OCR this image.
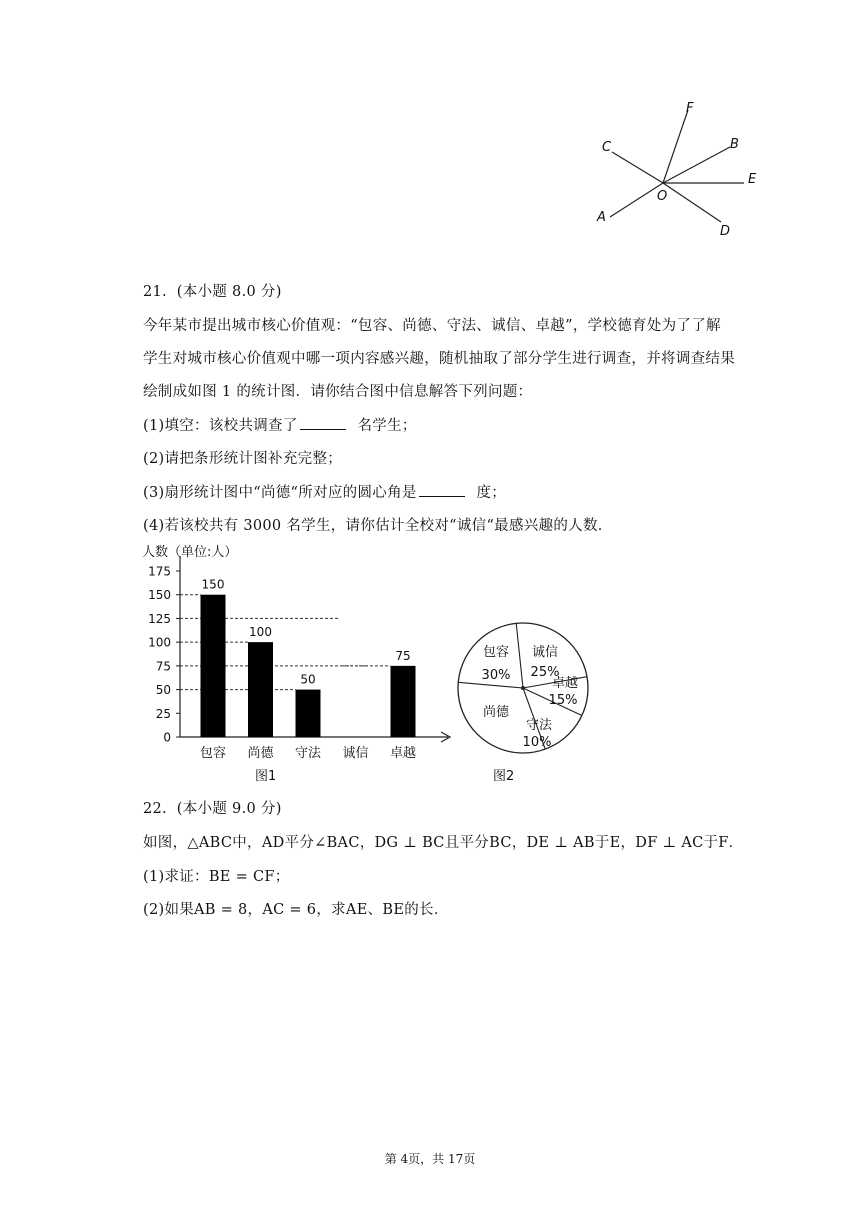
F
C	B
E
O
A
D
21.  (本小题 8.0 分)
今年某市提出城市核心价值观：“包容、尚德、守法、诚信、卓越”，学校德育处为了了解
学生对城市核心价值观中哪一项内容感兴趣，随机抽取了部分学生进行调查，并将调查结果
绘制成如图 1 的统计图．请你结合图中信息解答下列问题：
(1)填空：该校共调查了	名学生；
(2)请把条形统计图补充完整；
(3)扇形统计图中“尚德“所对应的圆心角是	度；
(4)若该校共有 3000 名学生，请你估计全校对“诚信“最感兴趣的人数．
人数（单位:人）
0
25
50
75
100
125
150
175
150
100
50
75
包容 尚德 守法 诚信 卓越
图1
包容
30%
诚信
25%
卓越
15%
守法
10%
尚德
图2
22.  (本小题 9.0 分)
如图，△ABC中，AD平分∠BAC，DG ⊥ BC且平分BC，DE ⊥ AB于E，DF ⊥ AC于F．
(1)求证：BE = CF；
(2)如果AB = 8，AC = 6，求AE、BE的长．
第 4页，共 17页
